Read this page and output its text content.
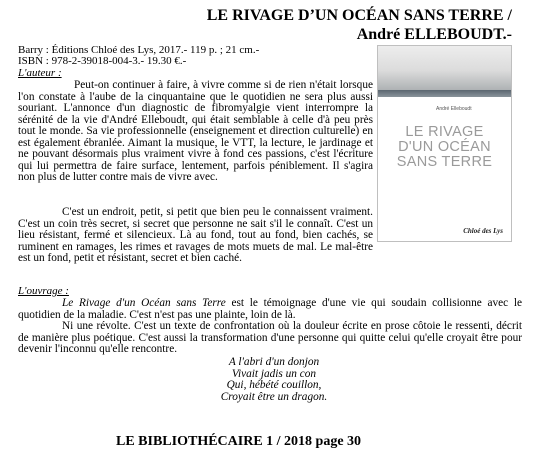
LE RIVAGE D’UN OCÉAN SANS TERRE /
André ELLEBOUDT.-
Barry : Éditions Chloé des Lys, 2017.- 119 p. ; 21 cm.-
ISBN : 978-2-39018-004-3.- 19.30 €.-
L'auteur :

Peut-on continuer à faire, à vivre comme si de rien n'était lorsque l'on constate à l'aube de la cinquantaine que le quotidien ne sera plus aussi souriant. L'annonce d'un diagnostic de fibromyalgie vient interrompre la sérénité de la vie d'André Elleboudt, qui était semblable à celle d'à peu près tout le monde. Sa vie professionnelle (enseignement et direction culturelle) en est également ébranlée. Aimant la musique, le VTT, la lecture, le jardinage et ne pouvant désormais plus vraiment vivre à fond ces passions, c'est l'écriture qui lui permettra de faire surface, lentement, parfois péniblement. Il s'agira non plus de lutter contre mais de vivre avec.

C'est un endroit, petit, si petit que bien peu le connaissent vraiment. C'est un coin très secret, si secret que personne ne sait s'il le connaît. C'est un lieu résistant, fermé et silencieux. Là au fond, tout au fond, bien cachés, se ruminent en ramages, les rimes et ravages de mots muets de mal. Le mal-être est un fond, petit et résistant, secret et bien caché.

L'ouvrage :

Le Rivage d'un Océan sans Terre est le témoignage d'une vie qui soudain collisionne avec le quotidien de la maladie. C'est n'est pas une plainte, loin de là.

Ni une révolte. C'est un texte de confrontation où la douleur écrite en prose côtoie le ressenti, décrit de manière plus poétique. C'est aussi la transformation d'une personne qui quitte celui qu'elle croyait être pour devenir l'inconnu qu'elle rencontre.

A l'abri d'un donjon
Vivait jadis un con
Qui, hébété couillon,
Croyait être un dragon.
LE BIBLIOTHÉCAIRE 1 / 2018 page 30
André Elleboudt
LE RIVAGE
D'UN OCÉAN
SANS TERRE
Chloé des Lys
